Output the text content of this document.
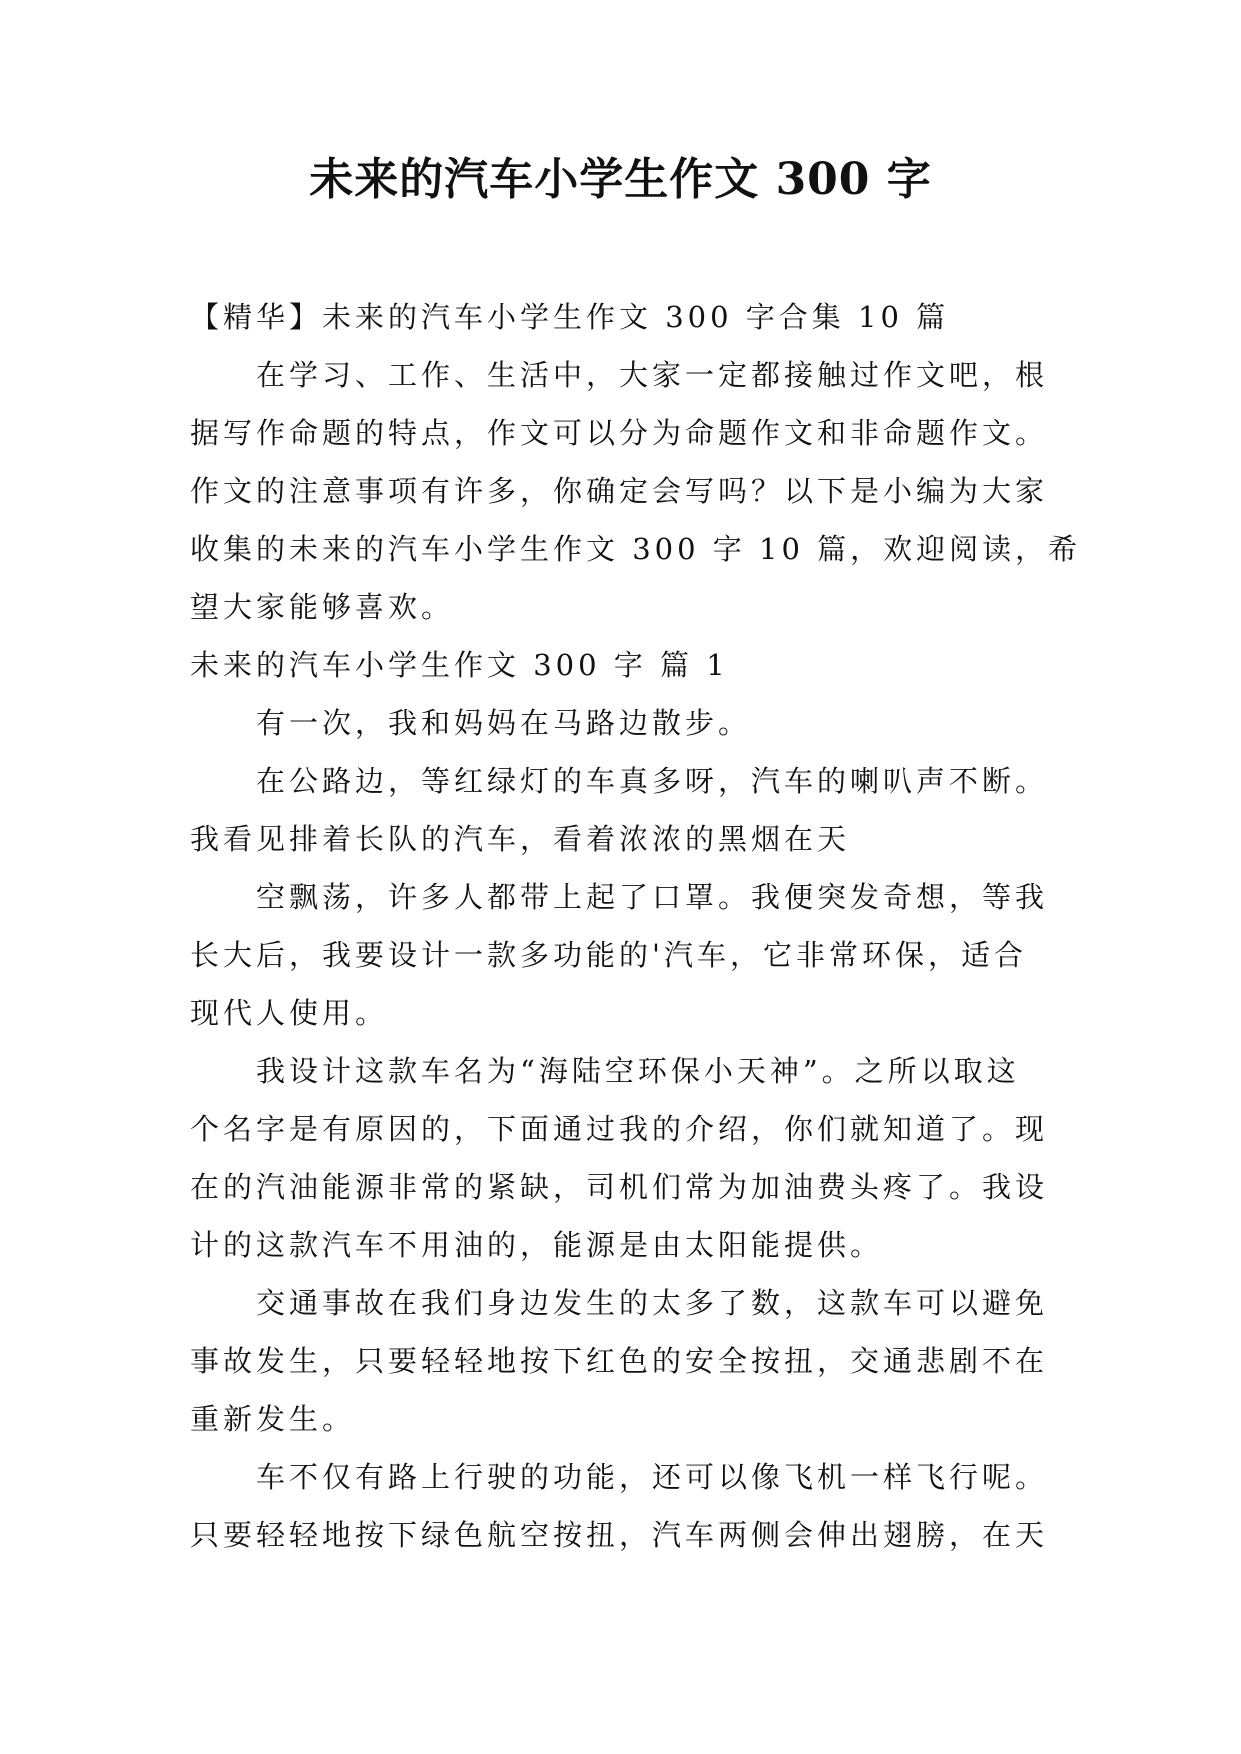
未来的汽车小学生作文 300 字
【精华】未来的汽车小学生作文 300 字合集 10 篇
在学习、工作、生活中，大家一定都接触过作文吧，根
据写作命题的特点，作文可以分为命题作文和非命题作文。
作文的注意事项有许多，你确定会写吗？以下是小编为大家
收集的未来的汽车小学生作文 300 字 10 篇，欢迎阅读，希
望大家能够喜欢。
未来的汽车小学生作文 300 字 篇 1
有一次，我和妈妈在马路边散步。
在公路边，等红绿灯的车真多呀，汽车的喇叭声不断。
我看见排着长队的汽车，看着浓浓的黑烟在天
空飘荡，许多人都带上起了口罩。我便突发奇想，等我
长大后，我要设计一款多功能的'汽车，它非常环保，适合
现代人使用。
我设计这款车名为“海陆空环保小天神”。之所以取这
个名字是有原因的，下面通过我的介绍，你们就知道了。现
在的汽油能源非常的紧缺，司机们常为加油费头疼了。我设
计的这款汽车不用油的，能源是由太阳能提供。
交通事故在我们身边发生的太多了数，这款车可以避免
事故发生，只要轻轻地按下红色的安全按扭，交通悲剧不在
重新发生。
车不仅有路上行驶的功能，还可以像飞机一样飞行呢。
只要轻轻地按下绿色航空按扭，汽车两侧会伸出翅膀，在天
